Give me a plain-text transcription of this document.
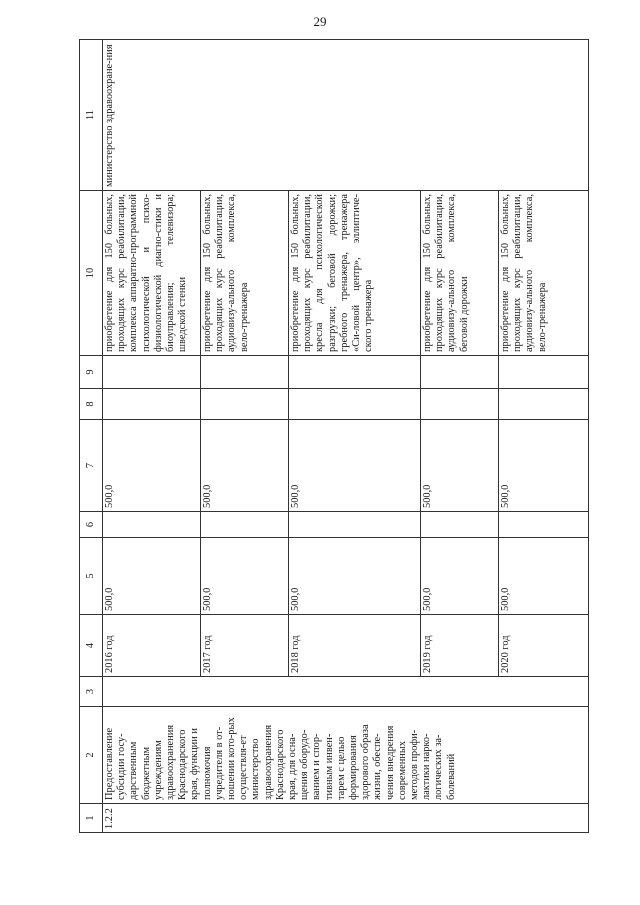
29
1	2	3	4	5	6	7	8	9	10	11
1.2.2	Предоставление субсидии госу-дарственным бюджетным учреждениям здравоохранения Краснодарского края, функции и полномочия учредителя в от-ношении кото-рых осуществля-ет министерство здравоохранения Краснодарского края, для осна-щения оборудо-ванием и спор-тивным инвен-тарем с целью формирования здорового образа жизни, обеспе-чения внедрения современных методов профи-лактики нарко-логических за-болеваний		2016 год	500,0		500,0			приобретение для 150 больных, проходящих курс реабилитации, комплекса аппаратно-программной психологической и психо-физиологической диагно-стики и биоуправления; телевизора; шведской стенки	министерство здравоохране-ния
			2017 год	500,0		500,0			приобретение для 150 больных, проходящих курс реабилитации, аудиовизу-ального комплекса, вело-тренажера	
			2018 год	500,0		500,0			приобретение для 150 больных, проходящих курс реабилитации, кресла для психологической разгрузки; беговой дорожки; гребного тренажера, тренажера «Си-ловой центр», эллиптиче-ского тренажера	
			2019 год	500,0		500,0			приобретение для 150 больных, проходящих курс реабилитации, аудиовизу-ального комплекса, беговой дорожки	
			2020 год	500,0		500,0			приобретение для 150 больных, проходящих курс реабилитации, аудиовизу-ального комплекса, вело-тренажера	
